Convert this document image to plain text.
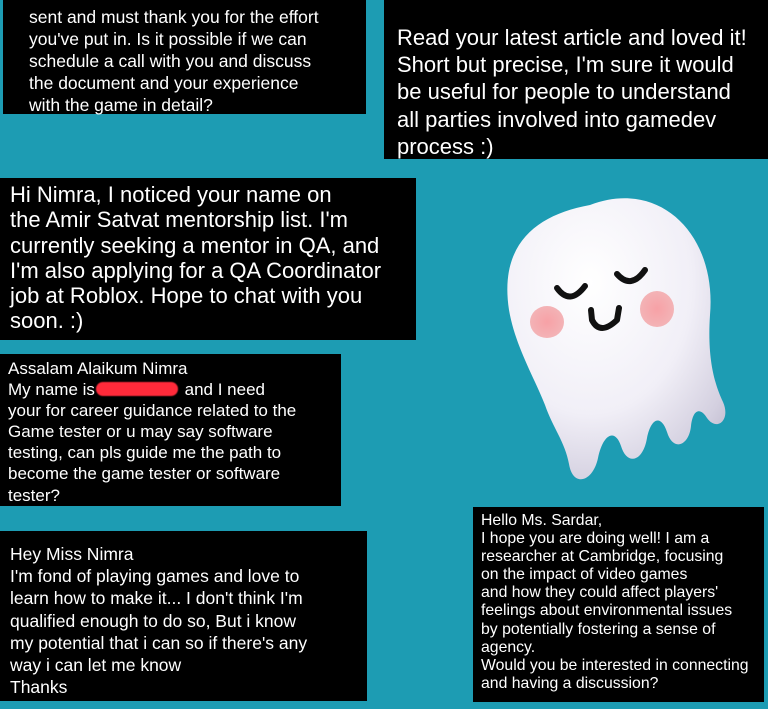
sent and must thank you for the effort

you've put in. Is it possible if we can

schedule a call with you and discuss

the document and your experience

with the game in detail?

Read your latest article and loved it!

Short but precise, I'm sure it would

be useful for people to understand

all parties involved into gamedev

process :)

Hi Nimra, I noticed your name on

the Amir Satvat mentorship list. I'm

currently seeking a mentor in QA, and

I'm also applying for a QA Coordinator

job at Roblox. Hope to chat with you

soon. :)

Assalam Alaikum Nimra

My name is	and I need

your for career guidance related to the

Game tester or u may say software

testing, can pls guide me the path to

become the game tester or software

tester?

Hey Miss Nimra

I'm fond of playing games and love to

learn how to make it... I don't think I'm

qualified enough to do so, But i know

my potential that i can so if there's any

way i can let me know

Thanks

Hello Ms. Sardar,

I hope you are doing well! I am a

researcher at Cambridge, focusing

on the impact of video games

and how they could affect players'

feelings about environmental issues

by potentially fostering a sense of

agency.

Would you be interested in connecting

and having a discussion?
